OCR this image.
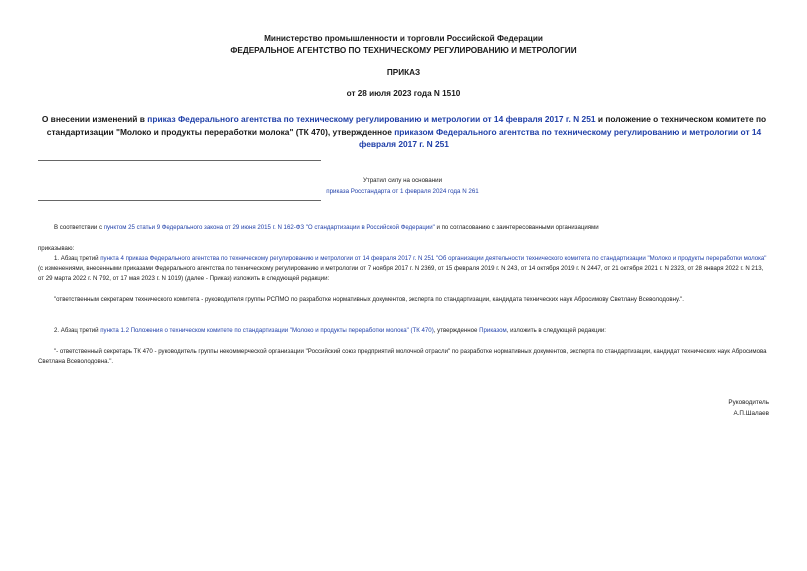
Министерство промышленности и торговли Российской Федерации
ФЕДЕРАЛЬНОЕ АГЕНТСТВО ПО ТЕХНИЧЕСКОМУ РЕГУЛИРОВАНИЮ И МЕТРОЛОГИИ
ПРИКАЗ
от 28 июля 2023 года N 1510
О внесении изменений в приказ Федерального агентства по техническому регулированию и метрологии от 14 февраля 2017 г. N 251 и положение о техническом комитете по стандартизации "Молоко и продукты переработки молока" (ТК 470), утвержденное приказом Федерального агентства по техническому регулированию и метрологии от 14 февраля 2017 г. N 251
Утратил силу на основании
приказа Росстандарта от 1 февраля 2024 года N 261
В соответствии с пунктом 25 статьи 9 Федерального закона от 29 июня 2015 г. N 162-ФЗ "О стандартизации в Российской Федерации" и по согласованию с заинтересованными организациями
приказываю:
1. Абзац третий пункта 4 приказа Федерального агентства по техническому регулированию и метрологии от 14 февраля 2017 г. N 251 "Об организации деятельности технического комитета по стандартизации "Молоко и продукты переработки молока" (с изменениями, внесенными приказами Федерального агентства по техническому регулированию и метрологии от 7 ноября 2017 г. N 2369, от 15 февраля 2019 г. N 243, от 14 октября 2019 г. N 2447, от 21 октября 2021 г. N 2323, от 28 января 2022 г. N 213, от 29 марта 2022 г. N 792, от 17 мая 2023 г. N 1019) (далее - Приказ) изложить в следующей редакции:
"ответственным секретарем технического комитета - руководителя группы РСПМО по разработке нормативных документов, эксперта по стандартизации, кандидата технических наук Абросимову Светлану Всеволодовну.".
2. Абзац третий пункта 1.2 Положения о техническом комитете по стандартизации "Молоко и продукты переработки молока" (ТК 470), утвержденное Приказом, изложить в следующей редакции:
"- ответственный секретарь ТК 470 - руководитель группы некоммерческой организации "Российский союз предприятий молочной отрасли" по разработке нормативных документов, эксперта по стандартизации, кандидат технических наук Абросимова Светлана Всеволодовна.".
Руководитель
А.П.Шалаев
